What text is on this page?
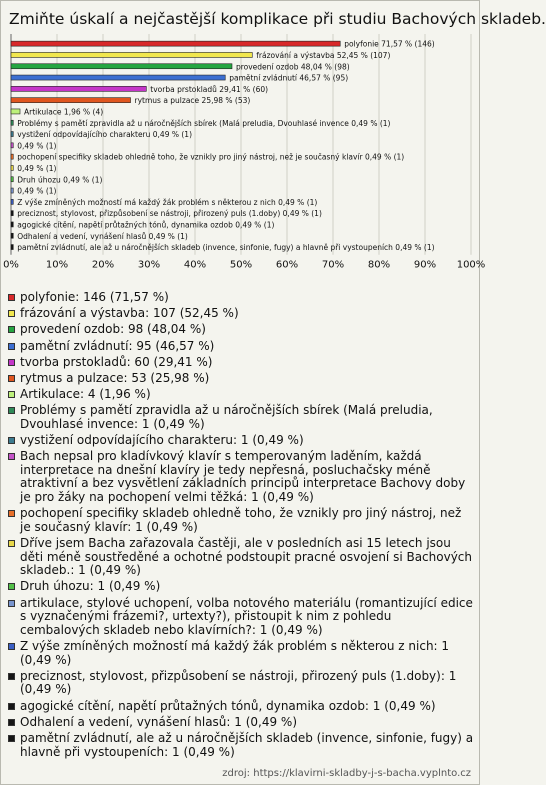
Zmiňte úskalí a nejčastější komplikace při studiu Bachových skladeb.
polyfonie 71,57 % (146)
frázování a výstavba 52,45 % (107)
provedení ozdob 48,04 % (98)
pamětní zvládnutí 46,57 % (95)
tvorba prstokladů 29,41 % (60)
rytmus a pulzace 25,98 % (53)
Artikulace 1,96 % (4)
Problémy s pamětí zpravidla až u náročnějších sbírek (Malá preludia, Dvouhlasé invence 0,49 % (1)
vystižení odpovídajícího charakteru 0,49 % (1)
0,49 % (1)
pochopení specifiky skladeb ohledně toho, že vznikly pro jiný nástroj, než je současný klavír 0,49 % (1)
0,49 % (1)
Druh úhozu 0,49 % (1)
0,49 % (1)
Z výše zmíněných možností má každý žák problém s některou z nich 0,49 % (1)
preciznost, stylovost, přizpůsobení se nástroji, přirozený puls (1.doby) 0,49 % (1)
agogické cítění, napětí průtažných tónů, dynamika ozdob 0,49 % (1)
Odhalení a vedení, vynášení hlasů 0,49 % (1)
pamětní zvládnutí, ale až u náročnějších skladeb (invence, sinfonie, fugy) a hlavně při vystoupeních 0,49 % (1)
0%	10% 20% 30% 40% 50% 60% 70% 80% 90% 100%
polyfonie: 146 (71,57 %)
frázování a výstavba: 107 (52,45 %)
provedení ozdob: 98 (48,04 %)
pamětní zvládnutí: 95 (46,57 %)
tvorba prstokladů: 60 (29,41 %)
rytmus a pulzace: 53 (25,98 %)
Artikulace: 4 (1,96 %)
Problémy s pamětí zpravidla až u náročnějších sbírek (Malá preludia, Dvouhlasé invence: 1 (0,49 %)
vystižení odpovídajícího charakteru: 1 (0,49 %)
Bach nepsal pro kladívkový klavír s temperovaným laděním, každá interpretace na dnešní klavíry je tedy nepřesná, posluchačsky méně atraktivní a bez vysvětlení základních principů interpretace Bachovy doby je pro žáky na pochopení velmi těžká: 1 (0,49 %)
pochopení specifiky skladeb ohledně toho, že vznikly pro jiný nástroj, než je současný klavír: 1 (0,49 %)
Dříve jsem Bacha zařazovala častěji, ale v posledních asi 15 letech jsou děti méně soustředěné a ochotné podstoupit pracné osvojení si Bachových skladeb.: 1 (0,49 %)
Druh úhozu: 1 (0,49 %)
artikulace, stylové uchopení, volba notového materiálu (romantizující edice s vyznačenými frázemi?, urtexty?), přistoupit k nim z pohledu cembalových skladeb nebo klavírních?: 1 (0,49 %)
Z výše zmíněných možností má každý žák problém s některou z nich: 1 (0,49 %)
preciznost, stylovost, přizpůsobení se nástroji, přirozený puls (1.doby): 1 (0,49 %)
agogické cítění, napětí průtažných tónů, dynamika ozdob: 1 (0,49 %)
Odhalení a vedení, vynášení hlasů: 1 (0,49 %)
pamětní zvládnutí, ale až u náročnějších skladeb (invence, sinfonie, fugy) a hlavně při vystoupeních: 1 (0,49 %)
zdroj: https://klavirni-skladby-j-s-bacha.vyplnto.cz
